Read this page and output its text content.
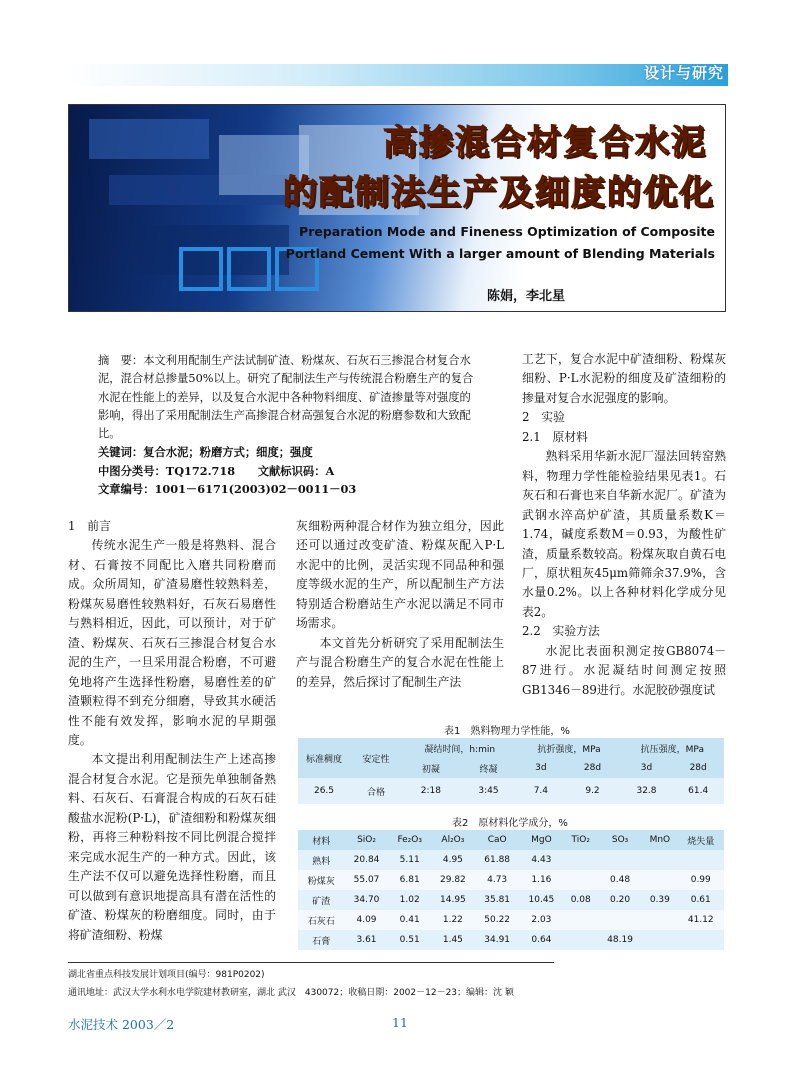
设计与研究
高掺混合材复合水泥
的配制法生产及细度的优化
Preparation Mode and Fineness Optimization of Composite
Portland Cement With a larger amount of Blending Materials
陈娟，李北星

摘　要：本文利用配制生产法试制矿渣、粉煤灰、石灰石三掺混合材复合水泥，混合材总掺量50%以上。研究了配制法生产与传统混合粉磨生产的复合水泥在性能上的差异，以及复合水泥中各种物料细度、矿渣掺量等对强度的影响，得出了采用配制法生产高掺混合材高强复合水泥的粉磨参数和大致配比。

关键词：复合水泥；粉磨方式；细度；强度

中图分类号：TQ172.718　　文献标识码：A

文章编号：1001－6171(2003)02－0011－03

1　前言

传统水泥生产一般是将熟料、混合材、石膏按不同配比入磨共同粉磨而成。众所周知，矿渣易磨性较熟料差，粉煤灰易磨性较熟料好，石灰石易磨性与熟料相近，因此，可以预计，对于矿渣、粉煤灰、石灰石三掺混合材复合水泥的生产，一旦采用混合粉磨，不可避免地将产生选择性粉磨，易磨性差的矿渣颗粒得不到充分细磨，导致其水硬活性不能有效发挥，影响水泥的早期强度。

本文提出利用配制法生产上述高掺混合材复合水泥。它是预先单独制备熟料、石灰石、石膏混合构成的石灰石硅酸盐水泥粉(P·L)，矿渣细粉和粉煤灰细粉，再将三种粉料按不同比例混合搅拌来完成水泥生产的一种方式。因此，该生产法不仅可以避免选择性粉磨，而且可以做到有意识地提高具有潜在活性的矿渣、粉煤灰的粉磨细度。同时，由于将矿渣细粉、粉煤

灰细粉两种混合材作为独立组分，因此还可以通过改变矿渣、粉煤灰配入P·L水泥中的比例，灵活实现不同品种和强度等级水泥的生产，所以配制生产方法特别适合粉磨站生产水泥以满足不同市场需求。

本文首先分析研究了采用配制法生产与混合粉磨生产的复合水泥在性能上的差异，然后探讨了配制生产法

工艺下，复合水泥中矿渣细粉、粉煤灰细粉、P·L水泥粉的细度及矿渣细粉的掺量对复合水泥强度的影响。

2　实验

2.1　原材料

熟料采用华新水泥厂湿法回转窑熟料，物理力学性能检验结果见表1。石灰石和石膏也来自华新水泥厂。矿渣为武钢水淬高炉矿渣，其质量系数K＝1.74，碱度系数M＝0.93，为酸性矿渣，质量系数较高。粉煤灰取自黄石电厂，原状粗灰45μm筛筛余37.9%，含水量0.2%。以上各种材料化学成分见表2。

2.2　实验方法

水泥比表面积测定按GB8074－87进行。水泥凝结时间测定按照GB1346－89进行。水泥胶砂强度试

表1　熟料物理力学性能，%
标准稠度	安定性	凝结时间，h:min		抗折强度，MPa		抗压强度，MPa	
		初凝	终凝	3d	28d	3d	28d
26.5	合格	2:18	3:45	7.4	9.2	32.8	61.4
表2　原材料化学成分，%
材料	SiO₂	Fe₂O₃	Al₂O₃	CaO	MgO	TiO₂	SO₃	MnO	烧失量
熟料	20.84	5.11	4.95	61.88	4.43				
粉煤灰	55.07	6.81	29.82	4.73	1.16		0.48		0.99
矿渣	34.70	1.02	14.95	35.81	10.45	0.08	0.20	0.39	0.61
石灰石	4.09	0.41	1.22	50.22	2.03				41.12
石膏	3.61	0.51	1.45	34.91	0.64		48.19		
湖北省重点科技发展计划项目(编号：981P0202)
通讯地址：武汉大学水利水电学院建材教研室，湖北 武汉　430072；收稿日期：2002－12－23；编辑：沈 颖
水泥技术 2003／2	11
